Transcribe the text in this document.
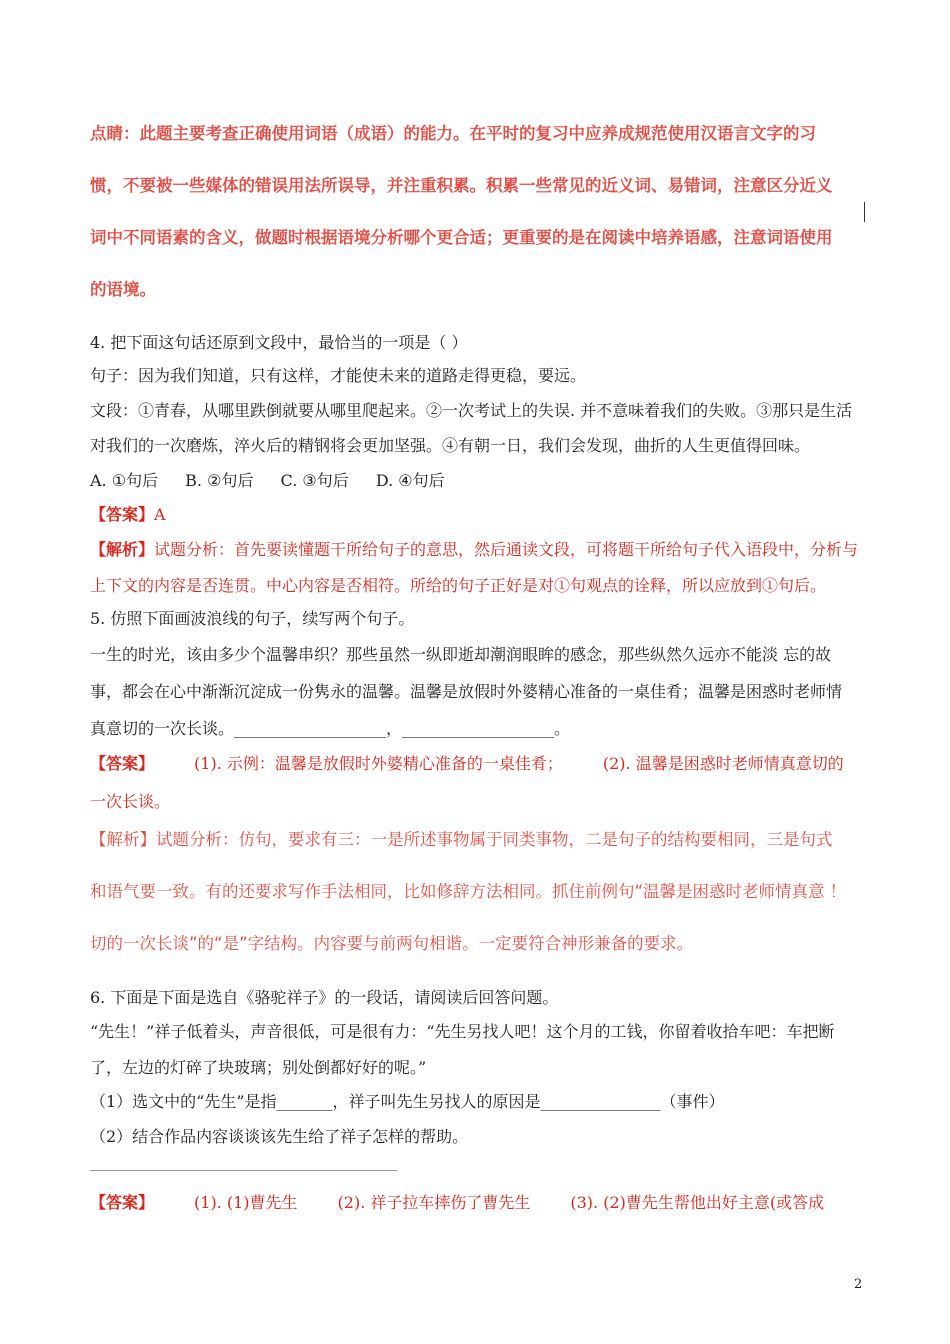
点睛：此题主要考查正确使用词语（成语）的能力。在平时的复习中应养成规范使用汉语言文字的习
惯，不要被一些媒体的错误用法所误导，并注重积累。积累一些常见的近义词、易错词，注意区分近义
词中不同语素的含义，做题时根据语境分析哪个更合适；更重要的是在阅读中培养语感，注意词语使用
的语境。
4. 把下面这句话还原到文段中，最恰当的一项是（ ）
句子：因为我们知道，只有这样，才能使未来的道路走得更稳，要远。
文段：①青春，从哪里跌倒就要从哪里爬起来。②一次考试上的失误. 并不意味着我们的失败。③那只是生活
对我们的一次磨炼，淬火后的精钢将会更加坚强。④有朝一日，我们会发现，曲折的人生更值得回味。
A. ①句后 B. ②句后 C. ③句后 D. ④句后
【答案】A
【解析】试题分析：首先要读懂题干所给句子的意思，然后通读文段，可将题干所给句子代入语段中，分析与
上下文的内容是否连贯。中心内容是否相符。所给的句子正好是对①句观点的诠释，所以应放到①句后。
5. 仿照下面画波浪线的句子，续写两个句子。
一生的时光，该由多少个温馨串织？那些虽然一纵即逝却潮润眼眸的感念，那些纵然久远亦不能淡 忘的故
事，都会在心中渐渐沉淀成一份隽永的温馨。温馨是放假时外婆精心准备的一桌佳肴；温馨是困惑时老师情
真意切的一次长谈。___________________，___________________。
【答案】	(1). 示例：温馨是放假时外婆精心准备的一桌佳肴；	(2). 温馨是困惑时老师情真意切的
一次长谈。
【解析】试题分析：仿句，要求有三：一是所述事物属于同类事物，二是句子的结构要相同，三是句式
和语气要一致。有的还要求写作手法相同，比如修辞方法相同。抓住前例句“温馨是困惑时老师情真意 ！
切的一次长谈”的“是”字结构。内容要与前两句相谐。一定要符合神形兼备的要求。
6. 下面是下面是选自《骆驼祥子》的一段话，请阅读后回答问题。
“先生！”祥子低着头，声音很低，可是很有力：“先生另找人吧！这个月的工钱，你留着收拾车吧：车把断
了，左边的灯碎了块玻璃；别处倒都好好的呢。”
（1）选文中的“先生”是指_______，祥子叫先生另找人的原因是_______________（事件）
（2）结合作品内容谈谈该先生给了祥子怎样的帮助。
【答案】	(1). (1)曹先生	(2). 祥子拉车摔伤了曹先生	(3). (2)曹先生帮他出好主意(或答成
2
